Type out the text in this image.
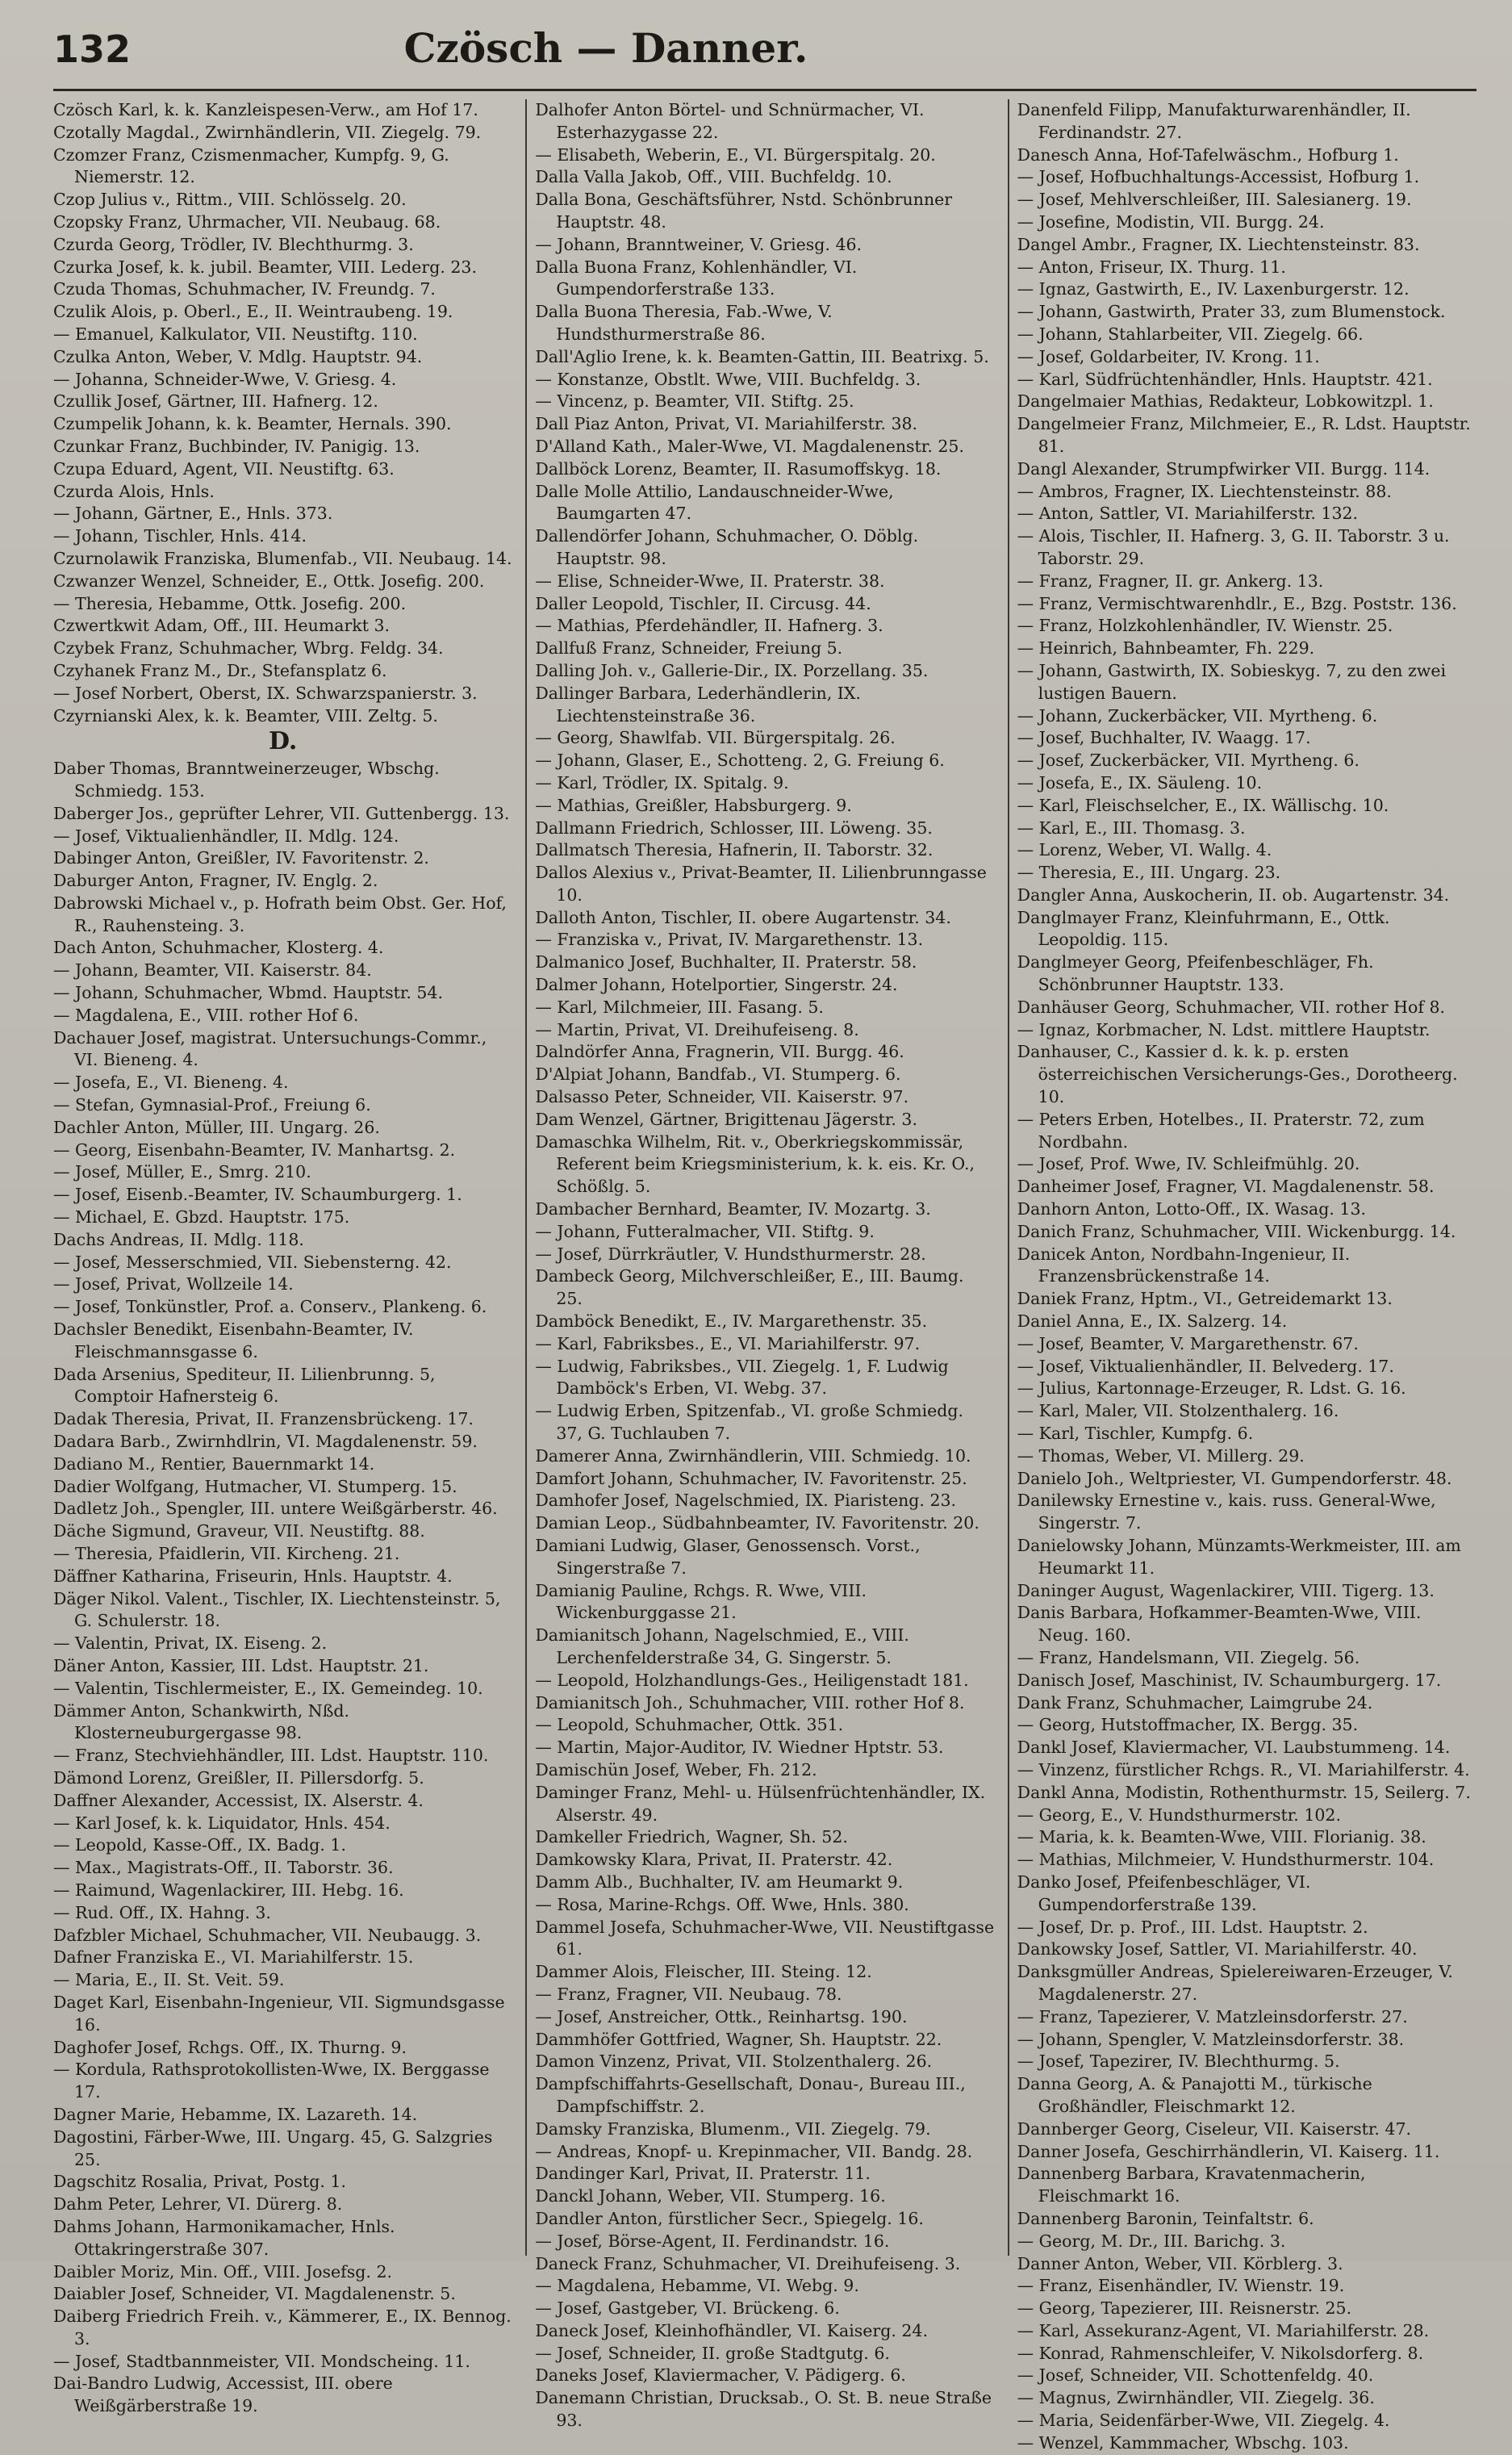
132	Czösch — Danner.

Czösch Karl, k. k. Kanzleispesen-Verw., am Hof 17.

Czotally Magdal., Zwirnhändlerin, VII. Ziegelg. 79.

Czomzer Franz, Czismenmacher, Kumpfg. 9, G. Niemerstr. 12.

Czop Julius v., Rittm., VIII. Schlösselg. 20.

Czopsky Franz, Uhrmacher, VII. Neubaug. 68.

Czurda Georg, Trödler, IV. Blechthurmg. 3.

Czurka Josef, k. k. jubil. Beamter, VIII. Lederg. 23.

Czuda Thomas, Schuhmacher, IV. Freundg. 7.

Czulik Alois, p. Oberl., E., II. Weintraubeng. 19.

— Emanuel, Kalkulator, VII. Neustiftg. 110.

Czulka Anton, Weber, V. Mdlg. Hauptstr. 94.

— Johanna, Schneider-Wwe, V. Griesg. 4.

Czullik Josef, Gärtner, III. Hafnerg. 12.

Czumpelik Johann, k. k. Beamter, Hernals. 390.

Czunkar Franz, Buchbinder, IV. Panigig. 13.

Czupa Eduard, Agent, VII. Neustiftg. 63.

Czurda Alois, Hnls.

— Johann, Gärtner, E., Hnls. 373.

— Johann, Tischler, Hnls. 414.

Czurnolawik Franziska, Blumenfab., VII. Neubaug. 14.

Czwanzer Wenzel, Schneider, E., Ottk. Josefig. 200.

— Theresia, Hebamme, Ottk. Josefig. 200.

Czwertkwit Adam, Off., III. Heumarkt 3.

Czybek Franz, Schuhmacher, Wbrg. Feldg. 34.

Czyhanek Franz M., Dr., Stefansplatz 6.

— Josef Norbert, Oberst, IX. Schwarzspanierstr. 3.

Czyrnianski Alex, k. k. Beamter, VIII. Zeltg. 5.

D.

Daber Thomas, Branntweinerzeuger, Wbschg. Schmiedg. 153.

Daberger Jos., geprüfter Lehrer, VII. Guttenbergg. 13.

— Josef, Viktualienhändler, II. Mdlg. 124.

Dabinger Anton, Greißler, IV. Favoritenstr. 2.

Daburger Anton, Fragner, IV. Englg. 2.

Dabrowski Michael v., p. Hofrath beim Obst. Ger. Hof, R., Rauhensteing. 3.

Dach Anton, Schuhmacher, Klosterg. 4.

— Johann, Beamter, VII. Kaiserstr. 84.

— Johann, Schuhmacher, Wbmd. Hauptstr. 54.

— Magdalena, E., VIII. rother Hof 6.

Dachauer Josef, magistrat. Untersuchungs-Commr., VI. Bieneng. 4.

— Josefa, E., VI. Bieneng. 4.

— Stefan, Gymnasial-Prof., Freiung 6.

Dachler Anton, Müller, III. Ungarg. 26.

— Georg, Eisenbahn-Beamter, IV. Manhartsg. 2.

— Josef, Müller, E., Smrg. 210.

— Josef, Eisenb.-Beamter, IV. Schaumburgerg. 1.

— Michael, E. Gbzd. Hauptstr. 175.

Dachs Andreas, II. Mdlg. 118.

— Josef, Messerschmied, VII. Siebensterng. 42.

— Josef, Privat, Wollzeile 14.

— Josef, Tonkünstler, Prof. a. Conserv., Plankeng. 6.

Dachsler Benedikt, Eisenbahn-Beamter, IV. Fleischmannsgasse 6.

Dada Arsenius, Spediteur, II. Lilienbrunng. 5, Comptoir Hafnersteig 6.

Dadak Theresia, Privat, II. Franzensbrückeng. 17.

Dadara Barb., Zwirnhdlrin, VI. Magdalenenstr. 59.

Dadiano M., Rentier, Bauernmarkt 14.

Dadier Wolfgang, Hutmacher, VI. Stumperg. 15.

Dadletz Joh., Spengler, III. untere Weißgärberstr. 46.

Däche Sigmund, Graveur, VII. Neustiftg. 88.

— Theresia, Pfaidlerin, VII. Kircheng. 21.

Däffner Katharina, Friseurin, Hnls. Hauptstr. 4.

Däger Nikol. Valent., Tischler, IX. Liechtensteinstr. 5, G. Schulerstr. 18.

— Valentin, Privat, IX. Eiseng. 2.

Däner Anton, Kassier, III. Ldst. Hauptstr. 21.

— Valentin, Tischlermeister, E., IX. Gemeindeg. 10.

Dämmer Anton, Schankwirth, Nßd. Klosterneuburgergasse 98.

— Franz, Stechviehhändler, III. Ldst. Hauptstr. 110.

Dämond Lorenz, Greißler, II. Pillersdorfg. 5.

Daffner Alexander, Accessist, IX. Alserstr. 4.

— Karl Josef, k. k. Liquidator, Hnls. 454.

— Leopold, Kasse-Off., IX. Badg. 1.

— Max., Magistrats-Off., II. Taborstr. 36.

— Raimund, Wagenlackirer, III. Hebg. 16.

— Rud. Off., IX. Hahng. 3.

Dafzbler Michael, Schuhmacher, VII. Neubaugg. 3.

Dafner Franziska E., VI. Mariahilferstr. 15.

— Maria, E., II. St. Veit. 59.

Daget Karl, Eisenbahn-Ingenieur, VII. Sigmundsgasse 16.

Daghofer Josef, Rchgs. Off., IX. Thurng. 9.

— Kordula, Rathsprotokollisten-Wwe, IX. Berggasse 17.

Dagner Marie, Hebamme, IX. Lazareth. 14.

Dagostini, Färber-Wwe, III. Ungarg. 45, G. Salzgries 25.

Dagschitz Rosalia, Privat, Postg. 1.

Dahm Peter, Lehrer, VI. Dürerg. 8.

Dahms Johann, Harmonikamacher, Hnls. Ottakringerstraße 307.

Daibler Moriz, Min. Off., VIII. Josefsg. 2.

Daiabler Josef, Schneider, VI. Magdalenenstr. 5.

Daiberg Friedrich Freih. v., Kämmerer, E., IX. Bennog. 3.

— Josef, Stadtbannmeister, VII. Mondscheing. 11.

Dai-Bandro Ludwig, Accessist, III. obere Weißgärberstraße 19.

Dalhofer Anton Börtel- und Schnürmacher, VI. Esterhazygasse 22.

— Elisabeth, Weberin, E., VI. Bürgerspitalg. 20.

Dalla Valla Jakob, Off., VIII. Buchfeldg. 10.

Dalla Bona, Geschäftsführer, Nstd. Schönbrunner Hauptstr. 48.

— Johann, Branntweiner, V. Griesg. 46.

Dalla Buona Franz, Kohlenhändler, VI. Gumpendorferstraße 133.

Dalla Buona Theresia, Fab.-Wwe, V. Hundsthurmerstraße 86.

Dall'Aglio Irene, k. k. Beamten-Gattin, III. Beatrixg. 5.

— Konstanze, Obstlt. Wwe, VIII. Buchfeldg. 3.

— Vincenz, p. Beamter, VII. Stiftg. 25.

Dall Piaz Anton, Privat, VI. Mariahilferstr. 38.

D'Alland Kath., Maler-Wwe, VI. Magdalenenstr. 25.

Dallböck Lorenz, Beamter, II. Rasumoffskyg. 18.

Dalle Molle Attilio, Landauschneider-Wwe, Baumgarten 47.

Dallendörfer Johann, Schuhmacher, O. Döblg. Hauptstr. 98.

— Elise, Schneider-Wwe, II. Praterstr. 38.

Daller Leopold, Tischler, II. Circusg. 44.

— Mathias, Pferdehändler, II. Hafnerg. 3.

Dallfuß Franz, Schneider, Freiung 5.

Dalling Joh. v., Gallerie-Dir., IX. Porzellang. 35.

Dallinger Barbara, Lederhändlerin, IX. Liechtensteinstraße 36.

— Georg, Shawlfab. VII. Bürgerspitalg. 26.

— Johann, Glaser, E., Schotteng. 2, G. Freiung 6.

— Karl, Trödler, IX. Spitalg. 9.

— Mathias, Greißler, Habsburgerg. 9.

Dallmann Friedrich, Schlosser, III. Löweng. 35.

Dallmatsch Theresia, Hafnerin, II. Taborstr. 32.

Dallos Alexius v., Privat-Beamter, II. Lilienbrunngasse 10.

Dalloth Anton, Tischler, II. obere Augartenstr. 34.

— Franziska v., Privat, IV. Margarethenstr. 13.

Dalmanico Josef, Buchhalter, II. Praterstr. 58.

Dalmer Johann, Hotelportier, Singerstr. 24.

— Karl, Milchmeier, III. Fasang. 5.

— Martin, Privat, VI. Dreihufeiseng. 8.

Dalndörfer Anna, Fragnerin, VII. Burgg. 46.

D'Alpiat Johann, Bandfab., VI. Stumperg. 6.

Dalsasso Peter, Schneider, VII. Kaiserstr. 97.

Dam Wenzel, Gärtner, Brigittenau Jägerstr. 3.

Damaschka Wilhelm, Rit. v., Oberkriegskommissär, Referent beim Kriegsministerium, k. k. eis. Kr. O., Schößlg. 5.

Dambacher Bernhard, Beamter, IV. Mozartg. 3.

— Johann, Futteralmacher, VII. Stiftg. 9.

— Josef, Dürrkräutler, V. Hundsthurmerstr. 28.

Dambeck Georg, Milchverschleißer, E., III. Baumg. 25.

Damböck Benedikt, E., IV. Margarethenstr. 35.

— Karl, Fabriksbes., E., VI. Mariahilferstr. 97.

— Ludwig, Fabriksbes., VII. Ziegelg. 1, F. Ludwig Damböck's Erben, VI. Webg. 37.

— Ludwig Erben, Spitzenfab., VI. große Schmiedg. 37, G. Tuchlauben 7.

Damerer Anna, Zwirnhändlerin, VIII. Schmiedg. 10.

Damfort Johann, Schuhmacher, IV. Favoritenstr. 25.

Damhofer Josef, Nagelschmied, IX. Piaristeng. 23.

Damian Leop., Südbahnbeamter, IV. Favoritenstr. 20.

Damiani Ludwig, Glaser, Genossensch. Vorst., Singerstraße 7.

Damianig Pauline, Rchgs. R. Wwe, VIII. Wickenburggasse 21.

Damianitsch Johann, Nagelschmied, E., VIII. Lerchenfelderstraße 34, G. Singerstr. 5.

— Leopold, Holzhandlungs-Ges., Heiligenstadt 181.

Damianitsch Joh., Schuhmacher, VIII. rother Hof 8.

— Leopold, Schuhmacher, Ottk. 351.

— Martin, Major-Auditor, IV. Wiedner Hptstr. 53.

Damischün Josef, Weber, Fh. 212.

Daminger Franz, Mehl- u. Hülsenfrüchtenhändler, IX. Alserstr. 49.

Damkeller Friedrich, Wagner, Sh. 52.

Damkowsky Klara, Privat, II. Praterstr. 42.

Damm Alb., Buchhalter, IV. am Heumarkt 9.

— Rosa, Marine-Rchgs. Off. Wwe, Hnls. 380.

Dammel Josefa, Schuhmacher-Wwe, VII. Neustiftgasse 61.

Dammer Alois, Fleischer, III. Steing. 12.

— Franz, Fragner, VII. Neubaug. 78.

— Josef, Anstreicher, Ottk., Reinhartsg. 190.

Dammhöfer Gottfried, Wagner, Sh. Hauptstr. 22.

Damon Vinzenz, Privat, VII. Stolzenthalerg. 26.

Dampfschiffahrts-Gesellschaft, Donau-, Bureau III., Dampfschiffstr. 2.

Damsky Franziska, Blumenm., VII. Ziegelg. 79.

— Andreas, Knopf- u. Krepinmacher, VII. Bandg. 28.

Dandinger Karl, Privat, II. Praterstr. 11.

Danckl Johann, Weber, VII. Stumperg. 16.

Dandler Anton, fürstlicher Secr., Spiegelg. 16.

— Josef, Börse-Agent, II. Ferdinandstr. 16.

Daneck Franz, Schuhmacher, VI. Dreihufeiseng. 3.

— Magdalena, Hebamme, VI. Webg. 9.

— Josef, Gastgeber, VI. Brückeng. 6.

Daneck Josef, Kleinhofhändler, VI. Kaiserg. 24.

— Josef, Schneider, II. große Stadtgutg. 6.

Daneks Josef, Klaviermacher, V. Pädigerg. 6.

Danemann Christian, Drucksab., O. St. B. neue Straße 93.

Danenfeld Filipp, Manufakturwarenhändler, II. Ferdinandstr. 27.

Danesch Anna, Hof-Tafelwäschm., Hofburg 1.

— Josef, Hofbuchhaltungs-Accessist, Hofburg 1.

— Josef, Mehlverschleißer, III. Salesianerg. 19.

— Josefine, Modistin, VII. Burgg. 24.

Dangel Ambr., Fragner, IX. Liechtensteinstr. 83.

— Anton, Friseur, IX. Thurg. 11.

— Ignaz, Gastwirth, E., IV. Laxenburgerstr. 12.

— Johann, Gastwirth, Prater 33, zum Blumenstock.

— Johann, Stahlarbeiter, VII. Ziegelg. 66.

— Josef, Goldarbeiter, IV. Krong. 11.

— Karl, Südfrüchtenhändler, Hnls. Hauptstr. 421.

Dangelmaier Mathias, Redakteur, Lobkowitzpl. 1.

Dangelmeier Franz, Milchmeier, E., R. Ldst. Hauptstr. 81.

Dangl Alexander, Strumpfwirker VII. Burgg. 114.

— Ambros, Fragner, IX. Liechtensteinstr. 88.

— Anton, Sattler, VI. Mariahilferstr. 132.

— Alois, Tischler, II. Hafnerg. 3, G. II. Taborstr. 3 u. Taborstr. 29.

— Franz, Fragner, II. gr. Ankerg. 13.

— Franz, Vermischtwarenhdlr., E., Bzg. Poststr. 136.

— Franz, Holzkohlenhändler, IV. Wienstr. 25.

— Heinrich, Bahnbeamter, Fh. 229.

— Johann, Gastwirth, IX. Sobieskyg. 7, zu den zwei lustigen Bauern.

— Johann, Zuckerbäcker, VII. Myrtheng. 6.

— Josef, Buchhalter, IV. Waagg. 17.

— Josef, Zuckerbäcker, VII. Myrtheng. 6.

— Josefa, E., IX. Säuleng. 10.

— Karl, Fleischselcher, E., IX. Wällischg. 10.

— Karl, E., III. Thomasg. 3.

— Lorenz, Weber, VI. Wallg. 4.

— Theresia, E., III. Ungarg. 23.

Dangler Anna, Auskocherin, II. ob. Augartenstr. 34.

Danglmayer Franz, Kleinfuhrmann, E., Ottk. Leopoldig. 115.

Danglmeyer Georg, Pfeifenbeschläger, Fh. Schönbrunner Hauptstr. 133.

Danhäuser Georg, Schuhmacher, VII. rother Hof 8.

— Ignaz, Korbmacher, N. Ldst. mittlere Hauptstr.

Danhauser, C., Kassier d. k. k. p. ersten österreichischen Versicherungs-Ges., Dorotheerg. 10.

— Peters Erben, Hotelbes., II. Praterstr. 72, zum Nordbahn.

— Josef, Prof. Wwe, IV. Schleifmühlg. 20.

Danheimer Josef, Fragner, VI. Magdalenenstr. 58.

Danhorn Anton, Lotto-Off., IX. Wasag. 13.

Danich Franz, Schuhmacher, VIII. Wickenburgg. 14.

Danicek Anton, Nordbahn-Ingenieur, II. Franzensbrückenstraße 14.

Daniek Franz, Hptm., VI., Getreidemarkt 13.

Daniel Anna, E., IX. Salzerg. 14.

— Josef, Beamter, V. Margarethenstr. 67.

— Josef, Viktualienhändler, II. Belvederg. 17.

— Julius, Kartonnage-Erzeuger, R. Ldst. G. 16.

— Karl, Maler, VII. Stolzenthalerg. 16.

— Karl, Tischler, Kumpfg. 6.

— Thomas, Weber, VI. Millerg. 29.

Danielo Joh., Weltpriester, VI. Gumpendorferstr. 48.

Danilewsky Ernestine v., kais. russ. General-Wwe, Singerstr. 7.

Danielowsky Johann, Münzamts-Werkmeister, III. am Heumarkt 11.

Daninger August, Wagenlackirer, VIII. Tigerg. 13.

Danis Barbara, Hofkammer-Beamten-Wwe, VIII. Neug. 160.

— Franz, Handelsmann, VII. Ziegelg. 56.

Danisch Josef, Maschinist, IV. Schaumburgerg. 17.

Dank Franz, Schuhmacher, Laimgrube 24.

— Georg, Hutstoffmacher, IX. Bergg. 35.

Dankl Josef, Klaviermacher, VI. Laubstummeng. 14.

— Vinzenz, fürstlicher Rchgs. R., VI. Mariahilferstr. 4.

Dankl Anna, Modistin, Rothenthurmstr. 15, Seilerg. 7.

— Georg, E., V. Hundsthurmerstr. 102.

— Maria, k. k. Beamten-Wwe, VIII. Florianig. 38.

— Mathias, Milchmeier, V. Hundsthurmerstr. 104.

Danko Josef, Pfeifenbeschläger, VI. Gumpendorferstraße 139.

— Josef, Dr. p. Prof., III. Ldst. Hauptstr. 2.

Dankowsky Josef, Sattler, VI. Mariahilferstr. 40.

Danksgmüller Andreas, Spielereiwaren-Erzeuger, V. Magdalenerstr. 27.

— Franz, Tapezierer, V. Matzleinsdorferstr. 27.

— Johann, Spengler, V. Matzleinsdorferstr. 38.

— Josef, Tapezirer, IV. Blechthurmg. 5.

Danna Georg, A. & Panajotti M., türkische Großhändler, Fleischmarkt 12.

Dannberger Georg, Ciseleur, VII. Kaiserstr. 47.

Danner Josefa, Geschirrhändlerin, VI. Kaiserg. 11.

Dannenberg Barbara, Kravatenmacherin, Fleischmarkt 16.

Dannenberg Baronin, Teinfaltstr. 6.

— Georg, M. Dr., III. Barichg. 3.

Danner Anton, Weber, VII. Körblerg. 3.

— Franz, Eisenhändler, IV. Wienstr. 19.

— Georg, Tapezierer, III. Reisnerstr. 25.

— Karl, Assekuranz-Agent, VI. Mariahilferstr. 28.

— Konrad, Rahmenschleifer, V. Nikolsdorferg. 8.

— Josef, Schneider, VII. Schottenfeldg. 40.

— Magnus, Zwirnhändler, VII. Ziegelg. 36.

— Maria, Seidenfärber-Wwe, VII. Ziegelg. 4.

— Wenzel, Kammmacher, Wbschg. 103.
